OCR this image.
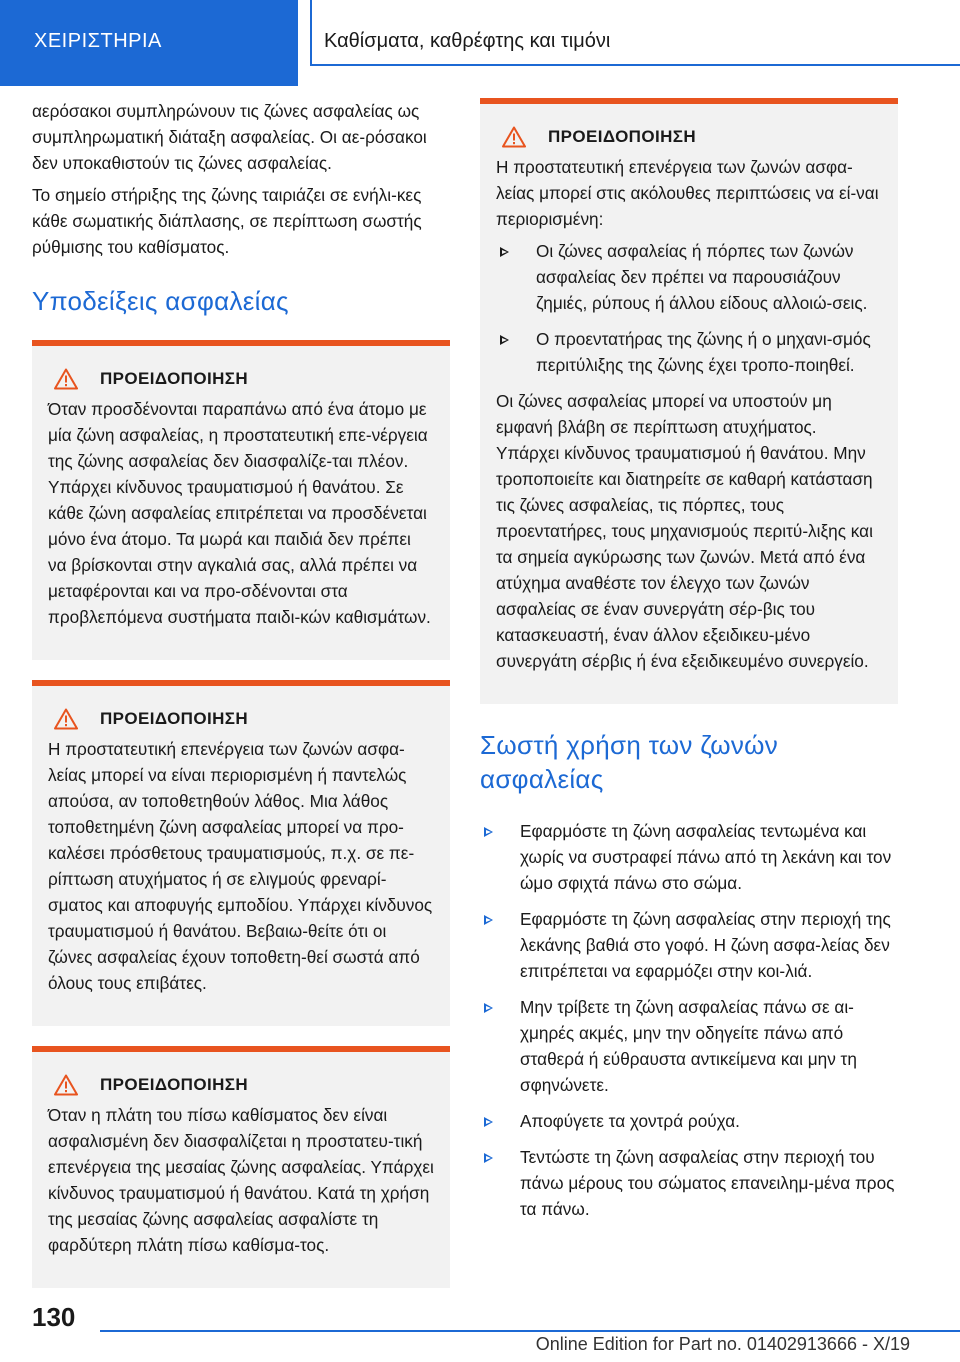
ΧΕΙΡΙΣΤΗΡΙΑ	Καθίσματα, καθρέφτης και τιμόνι

αερόσακοι συμπληρώνουν τις ζώνες ασφαλείας ως συμπληρωματική διάταξη ασφαλείας. Οι αε-ρόσακοι δεν υποκαθιστούν τις ζώνες ασφαλείας.

Το σημείο στήριξης της ζώνης ταιριάζει σε ενήλι-κες κάθε σωματικής διάπλασης, σε περίπτωση σωστής ρύθμισης του καθίσματος.

Υποδείξεις ασφαλείας
ΠΡΟΕΙΔΟΠΟΙΗΣΗ

Όταν προσδένονται παραπάνω από ένα άτομο με μία ζώνη ασφαλείας, η προστατευτική επε-νέργεια της ζώνης ασφαλείας δεν διασφαλίζε-ται πλέον. Υπάρχει κίνδυνος τραυματισμού ή θανάτου. Σε κάθε ζώνη ασφαλείας επιτρέπεται να προσδένεται μόνο ένα άτομο. Τα μωρά και παιδιά δεν πρέπει να βρίσκονται στην αγκαλιά σας, αλλά πρέπει να μεταφέρονται και να προ-σδένονται στα προβλεπόμενα συστήματα παιδι-κών καθισμάτων.

ΠΡΟΕΙΔΟΠΟΙΗΣΗ

Η προστατευτική επενέργεια των ζωνών ασφα-λείας μπορεί να είναι περιορισμένη ή παντελώς απούσα, αν τοποθετηθούν λάθος. Μια λάθος τοποθετημένη ζώνη ασφαλείας μπορεί να προ-καλέσει πρόσθετους τραυματισμούς, π.χ. σε πε-ρίπτωση ατυχήματος ή σε ελιγμούς φρεναρί-σματος και αποφυγής εμποδίου. Υπάρχει κίνδυνος τραυματισμού ή θανάτου. Βεβαιω-θείτε ότι οι ζώνες ασφαλείας έχουν τοποθετη-θεί σωστά από όλους τους επιβάτες.

ΠΡΟΕΙΔΟΠΟΙΗΣΗ

Όταν η πλάτη του πίσω καθίσματος δεν είναι ασφαλισμένη δεν διασφαλίζεται η προστατευ-τική επενέργεια της μεσαίας ζώνης ασφαλείας. Υπάρχει κίνδυνος τραυματισμού ή θανάτου. Κατά τη χρήση της μεσαίας ζώνης ασφαλείας ασφαλίστε τη φαρδύτερη πλάτη πίσω καθίσμα-τος.

ΠΡΟΕΙΔΟΠΟΙΗΣΗ

Η προστατευτική επενέργεια των ζωνών ασφα-λείας μπορεί στις ακόλουθες περιπτώσεις να εί-ναι περιορισμένη:

Οι ζώνες ασφαλείας ή πόρπες των ζωνών ασφαλείας δεν πρέπει να παρουσιάζουν ζημιές, ρύπους ή άλλου είδους αλλοιώ-σεις.
Ο προεντατήρας της ζώνης ή ο μηχανι-σμός περιτύλιξης της ζώνης έχει τροπο-ποιηθεί.

Οι ζώνες ασφαλείας μπορεί να υποστούν μη εμφανή βλάβη σε περίπτωση ατυχήματος. Υπάρχει κίνδυνος τραυματισμού ή θανάτου. Μην τροποποιείτε και διατηρείτε σε καθαρή κατάσταση τις ζώνες ασφαλείας, τις πόρπες, τους προεντατήρες, τους μηχανισμούς περιτύ-λιξης και τα σημεία αγκύρωσης των ζωνών. Μετά από ένα ατύχημα αναθέστε τον έλεγχο των ζωνών ασφαλείας σε έναν συνεργάτη σέρ-βις του κατασκευαστή, έναν άλλον εξειδικευ-μένο συνεργάτη σέρβις ή ένα εξειδικευμένο συνεργείο.

Σωστή χρήση των ζωνών ασφαλείας
Εφαρμόστε τη ζώνη ασφαλείας τεντωμένα και χωρίς να συστραφεί πάνω από τη λεκάνη και τον ώμο σφιχτά πάνω στο σώμα.
Εφαρμόστε τη ζώνη ασφαλείας στην περιοχή της λεκάνης βαθιά στο γοφό. Η ζώνη ασφα-λείας δεν επιτρέπεται να εφαρμόζει στην κοι-λιά.
Μην τρίβετε τη ζώνη ασφαλείας πάνω σε αι-χμηρές ακμές, μην την οδηγείτε πάνω από σταθερά ή εύθραυστα αντικείμενα και μην τη σφηνώνετε.
Αποφύγετε τα χοντρά ρούχα.
Τεντώστε τη ζώνη ασφαλείας στην περιοχή του πάνω μέρους του σώματος επανειλημ-μένα προς τα πάνω.
130
Online Edition for Part no. 01402913666 - X/19
